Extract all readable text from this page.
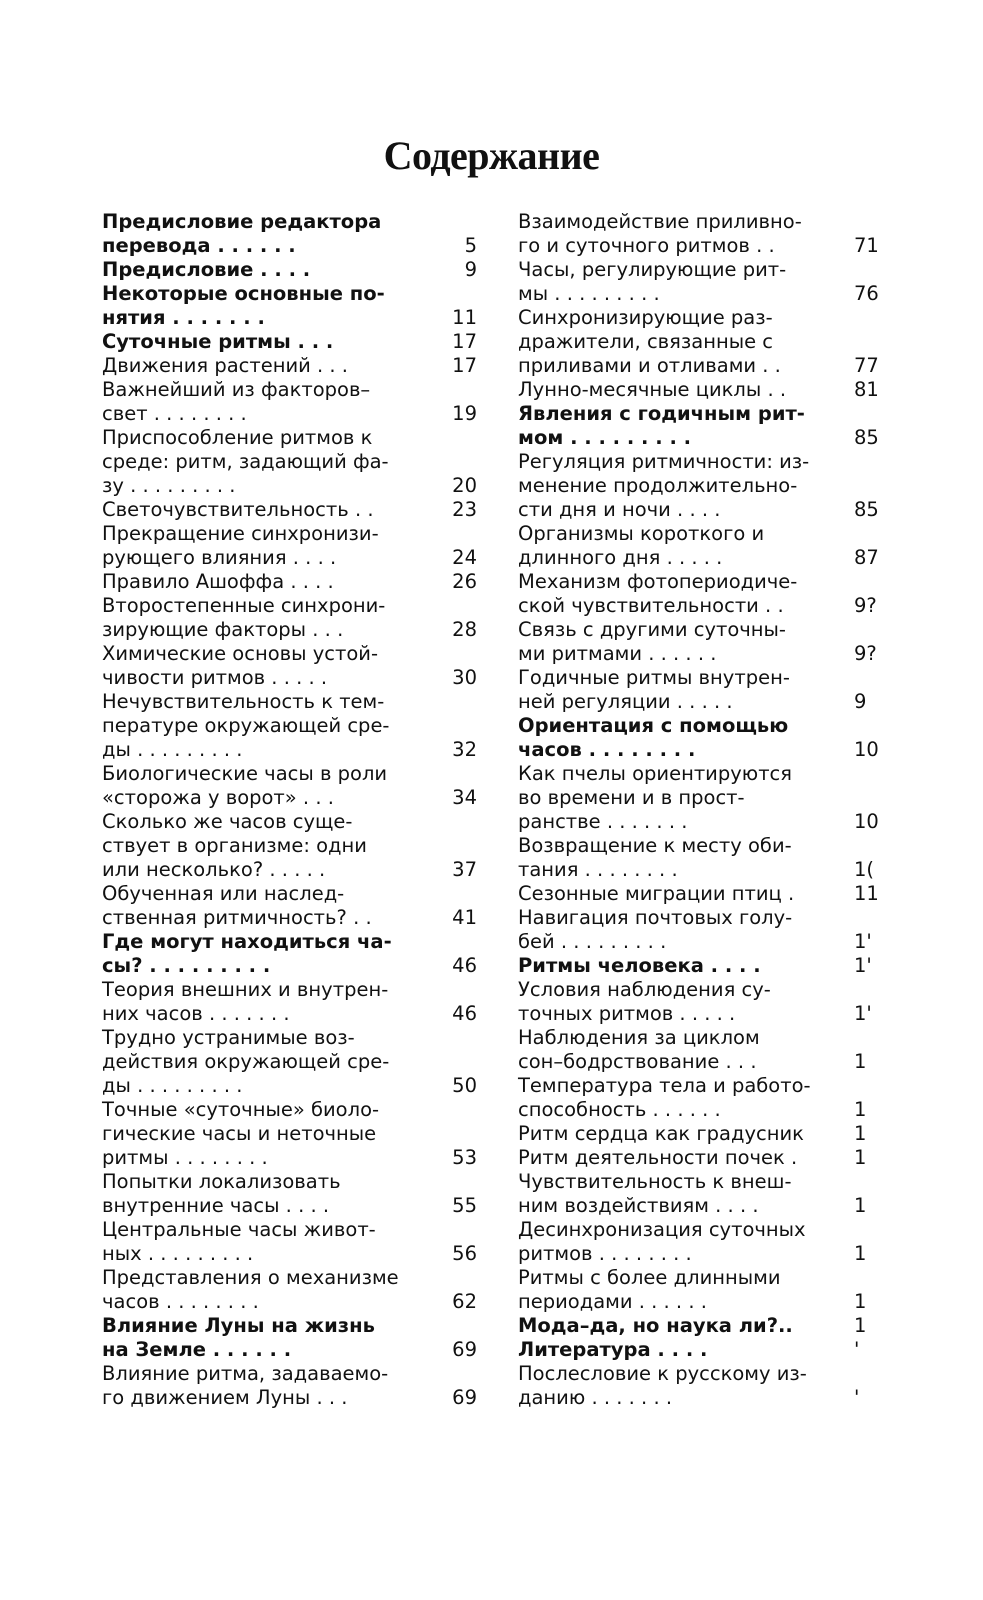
Содержание
Предисловие редактора
перевода . . . . . .	5
Предисловие . . . .	9
Некоторые основные по-
нятия . . . . . . .	11
Суточные ритмы . . .	17
Движения растений . . .	17
Важнейший из факторов–
свет . . . . . . . .	19
Приспособление ритмов к
среде: ритм, задающий фа-
зу . . . . . . . . .	20
Светочувствительность . .	23
Прекращение синхронизи-
рующего влияния . . . .	24
Правило Ашоффа . . . .	26
Второстепенные синхрони-
зирующие факторы . . .	28
Химические основы устой-
чивости ритмов . . . . .	30
Нечувствительность к тем-
пературе окружающей сре-
ды . . . . . . . . .	32
Биологические часы в роли
«сторожа у ворот» . . .	34
Сколько же часов суще-
ствует в организме: одни
или несколько? . . . . .	37
Обученная или наслед-
ственная ритмичность? . .	41
Где могут находиться ча-
сы? . . . . . . . . .	46
Теория внешних и внутрен-
них часов . . . . . . .	46
Трудно устранимые воз-
действия окружающей сре-
ды . . . . . . . . .	50
Точные «суточные» биоло-
гические часы и неточные
ритмы . . . . . . . .	53
Попытки локализовать
внутренние часы . . . .	55
Центральные часы живот-
ных . . . . . . . . .	56
Представления о механизме
часов . . . . . . . .	62
Влияние Луны на жизнь
на Земле . . . . . .	69
Влияние ритма, задаваемо-
го движением Луны . . .	69
Взаимодействие приливно-
го и суточного ритмов . .	71
Часы, регулирующие рит-
мы . . . . . . . . .	76
Синхронизирующие раз-
дражители, связанные с
приливами и отливами . .	77
Лунно-месячные циклы . .	81
Явления с годичным рит-
мом . . . . . . . . .	85
Регуляция ритмичности: из-
менение продолжительно-
сти дня и ночи . . . .	85
Организмы короткого и
длинного дня . . . . .	87
Механизм фотопериодиче-
ской чувствительности . .	9?
Связь с другими суточны-
ми ритмами . . . . . .	9?
Годичные ритмы внутрен-
ней регуляции . . . . .	9
Ориентация с помощью
часов . . . . . . . .	10
Как пчелы ориентируются
во времени и в прост-
ранстве . . . . . . .	10
Возвращение к месту оби-
тания . . . . . . . .	1(
Сезонные миграции птиц .	11
Навигация почтовых голу-
бей . . . . . . . . .	1'
Ритмы человека . . . .	1'
Условия наблюдения су-
точных ритмов . . . . .	1'
Наблюдения за циклом
сон–бодрствование . . .	1
Температура тела и работо-
способность . . . . . .	1
Ритм сердца как градусник	1
Ритм деятельности почек .	1
Чувствительность к внеш-
ним воздействиям . . . .	1
Десинхронизация суточных
ритмов . . . . . . . .	1
Ритмы с более длинными
периодами . . . . . .	1
Мода–да, но наука ли?..	1
Литература . . . .	'
Послесловие к русскому из-
данию . . . . . . .	'
